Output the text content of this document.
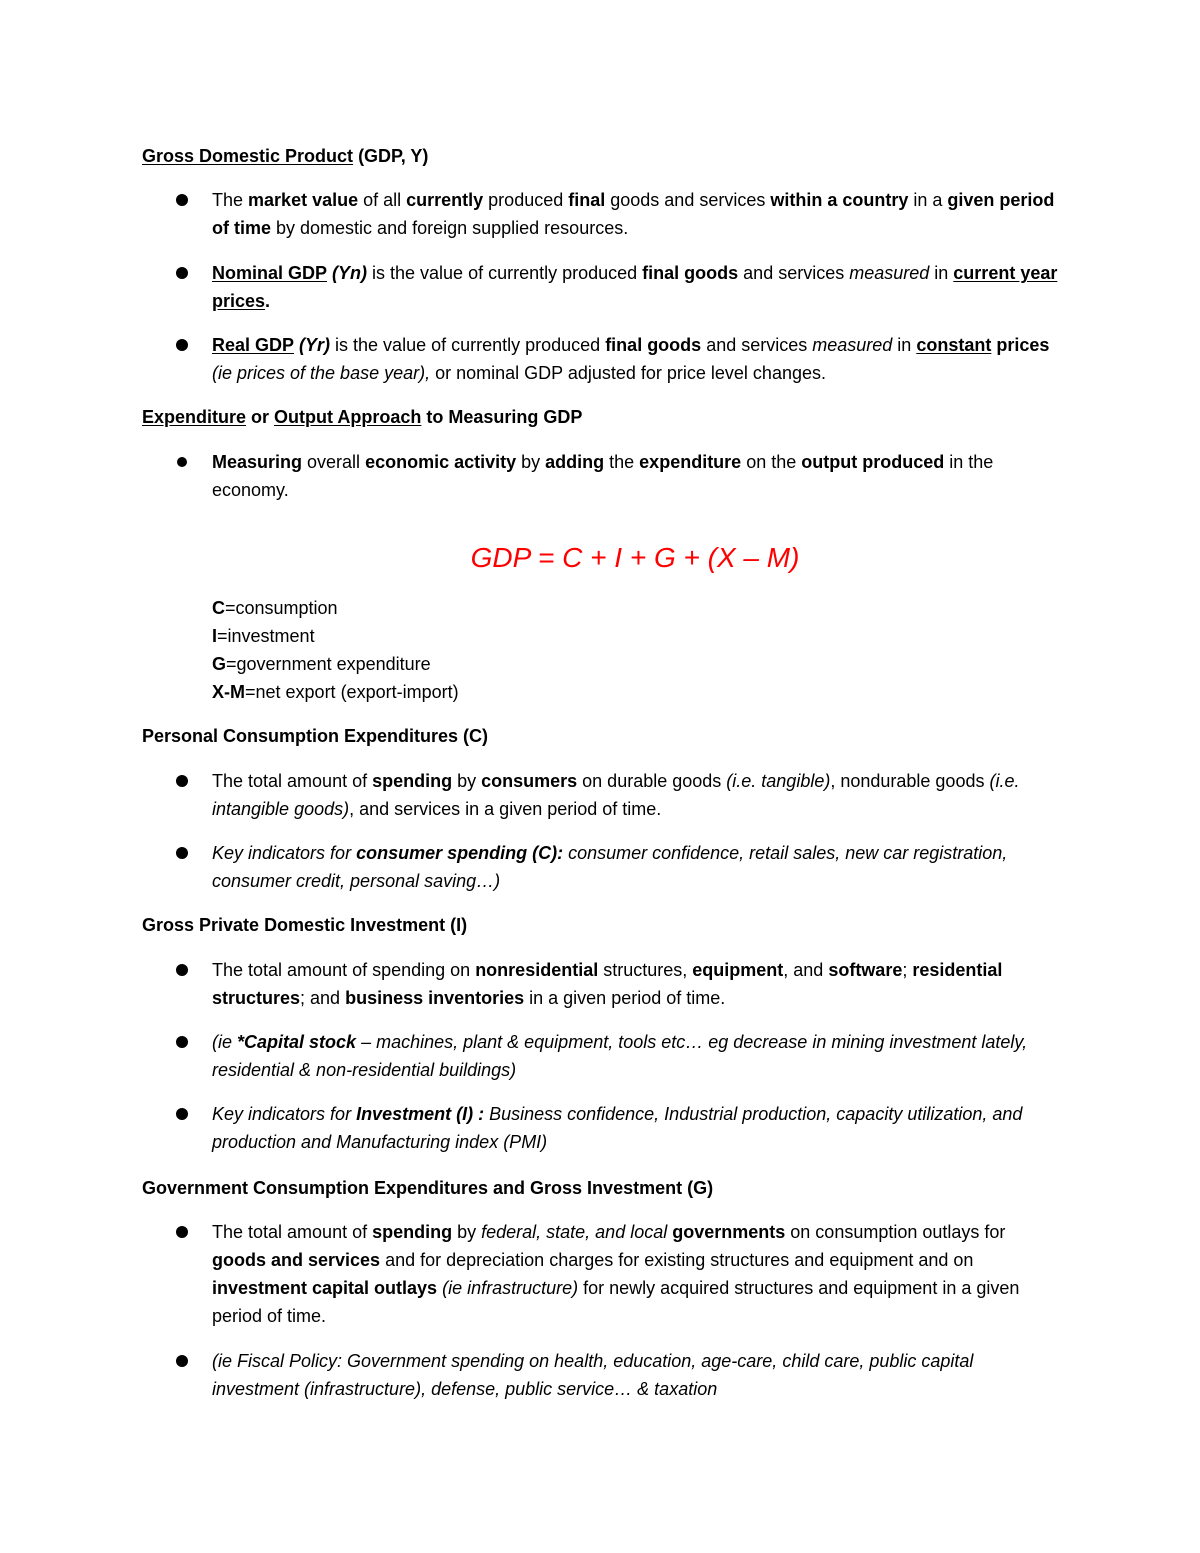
Gross Domestic Product (GDP, Y)
The market value of all currently produced final goods and services within a country in a given period of time by domestic and foreign supplied resources.
Nominal GDP (Yn) is the value of currently produced final goods and services measured in current year prices.
Real GDP (Yr) is the value of currently produced final goods and services measured in constant prices (ie prices of the base year), or nominal GDP adjusted for price level changes.
Expenditure or Output Approach to Measuring GDP
Measuring overall economic activity by adding the expenditure on the output produced in the economy.
GDP = C + I + G + (X – M)
C=consumption
I=investment
G=government expenditure
X-M=net export (export-import)
Personal Consumption Expenditures (C)
The total amount of spending by consumers on durable goods (i.e. tangible), nondurable goods (i.e. intangible goods), and services in a given period of time.
Key indicators for consumer spending (C): consumer confidence, retail sales, new car registration, consumer credit, personal saving…)
Gross Private Domestic Investment (I)
The total amount of spending on nonresidential structures, equipment, and software; residential structures; and business inventories in a given period of time.
(ie *Capital stock – machines, plant & equipment, tools etc… eg decrease in mining investment lately, residential & non-residential buildings)
Key indicators for Investment (I) : Business confidence, Industrial production, capacity utilization, and production and Manufacturing index (PMI)
Government Consumption Expenditures and Gross Investment (G)
The total amount of spending by federal, state, and local governments on consumption outlays for goods and services and for depreciation charges for existing structures and equipment and on investment capital outlays (ie infrastructure) for newly acquired structures and equipment in a given period of time.
(ie Fiscal Policy: Government spending on health, education, age-care, child care, public capital investment (infrastructure), defense, public service… & taxation
